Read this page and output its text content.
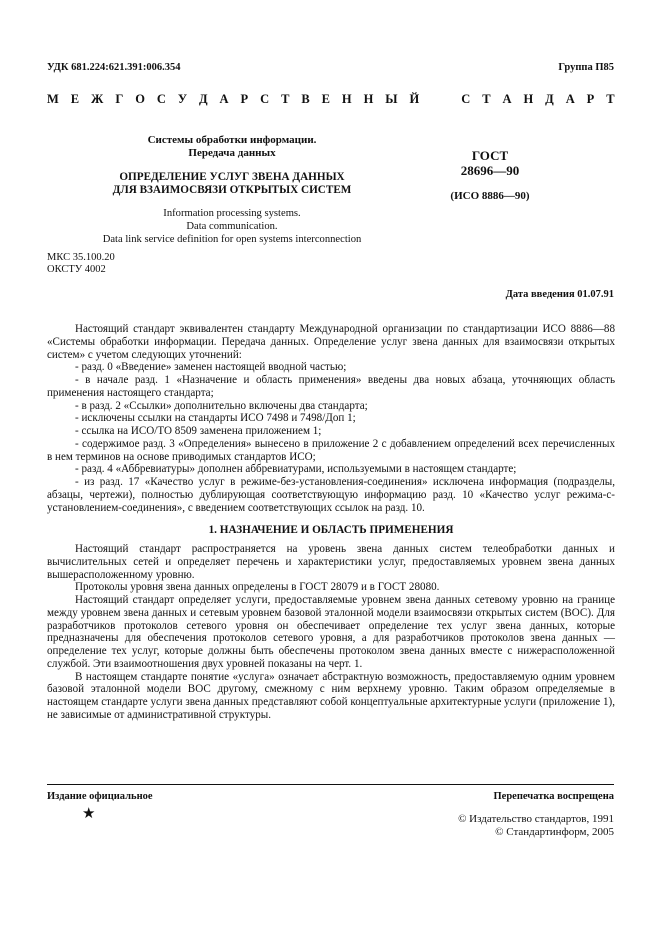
УДК 681.224:621.391:006.354	Группа П85
М Е Ж Г О С У Д А Р С Т В Е Н Н Ы Й

	С Т А Н Д А Р Т
Системы обработки информации.
Передача данных
ОПРЕДЕЛЕНИЕ УСЛУГ ЗВЕНА ДАННЫХ
ДЛЯ ВЗАИМОСВЯЗИ ОТКРЫТЫХ СИСТЕМ
Information processing systems.
Data communication.
Data link service definition for open systems interconnection
ГОСТ
28696—90
(ИСО 8886—90)
МКС 35.100.20
ОКСТУ 4002
Дата введения 01.07.91

Настоящий стандарт эквивалентен стандарту Международной организации по стандартизации ИСО 8886—88 «Системы обработки информации. Передача данных. Определение услуг звена данных для взаимосвязи открытых систем» с учетом следующих уточнений:

- разд. 0 «Введение» заменен настоящей вводной частью;

- в начале разд. 1 «Назначение и область применения» введены два новых абзаца, уточняющих область применения настоящего стандарта;

- в разд. 2 «Ссылки» дополнительно включены два стандарта;

- исключены ссылки на стандарты ИСО 7498 и 7498/Доп 1;

- ссылка на ИСО/ТО 8509 заменена приложением 1;

- содержимое разд. 3 «Определения» вынесено в приложение 2 с добавлением определений всех перечисленных в нем терминов на основе приводимых стандартов ИСО;

- разд. 4 «Аббревиатуры» дополнен аббревиатурами, используемыми в настоящем стандарте;

- из разд. 17 «Качество услуг в режиме-без-установления-соединения» исключена информация (подразделы, абзацы, чертежи), полностью дублирующая соответствующую информацию разд. 10 «Качество услуг режима-с-установлением-соединения», с введением соответствующих ссылок на разд. 10.

1. НАЗНАЧЕНИЕ И ОБЛАСТЬ ПРИМЕНЕНИЯ

Настоящий стандарт распространяется на уровень звена данных систем телеобработки данных и вычислительных сетей и определяет перечень и характеристики услуг, предоставляемых уровнем звена данных вышерасположенному уровню.

Протоколы уровня звена данных определены в ГОСТ 28079 и в ГОСТ 28080.

Настоящий стандарт определяет услуги, предоставляемые уровнем звена данных сетевому уровню на границе между уровнем звена данных и сетевым уровнем базовой эталонной модели взаимосвязи открытых систем (ВОС). Для разработчиков протоколов сетевого уровня он обеспечивает определение тех услуг звена данных, которые предназначены для обеспечения протоколов сетевого уровня, а для разработчиков протоколов звена данных — определение тех услуг, которые должны быть обеспечены протоколом звена данных вместе с нижерасположенной службой. Эти взаимоотношения двух уровней показаны на черт. 1.

В настоящем стандарте понятие «услуга» означает абстрактную возможность, предоставляемую одним уровнем базовой эталонной модели ВОС другому, смежному с ним верхнему уровню. Таким образом определяемые в настоящем стандарте услуги звена данных представляют собой концептуальные архитектурные услуги (приложение 1), не зависимые от административной структуры.

Издание официальное	Перепечатка воспрещена
★	© Издательство стандартов, 1991
© Стандартинформ, 2005
